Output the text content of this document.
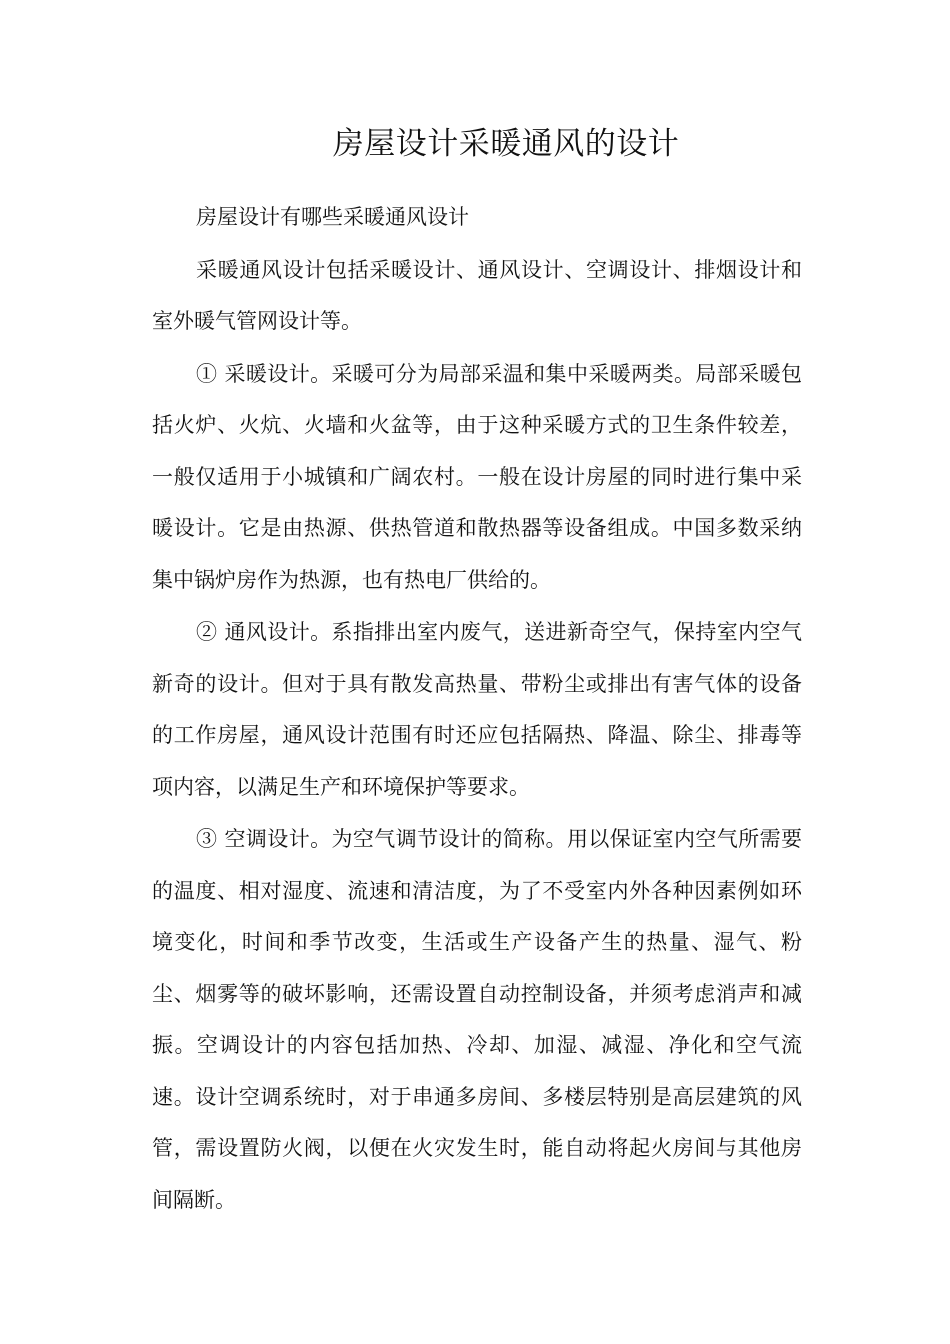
房屋设计采暖通风的设计

房屋设计有哪些采暖通风设计

采暖通风设计包括采暖设计、通风设计、空调设计、排烟设计和室外暖气管网设计等。

① 采暖设计。采暖可分为局部采温和集中采暖两类。局部采暖包括火炉、火炕、火墙和火盆等，由于这种采暖方式的卫生条件较差，一般仅适用于小城镇和广阔农村。一般在设计房屋的同时进行集中采暖设计。它是由热源、供热管道和散热器等设备组成。中国多数采纳集中锅炉房作为热源，也有热电厂供给的。

② 通风设计。系指排出室内废气，送进新奇空气，保持室内空气新奇的设计。但对于具有散发高热量、带粉尘或排出有害气体的设备的工作房屋，通风设计范围有时还应包括隔热、降温、除尘、排毒等项内容，以满足生产和环境保护等要求。

③ 空调设计。为空气调节设计的简称。用以保证室内空气所需要的温度、相对湿度、流速和清洁度，为了不受室内外各种因素例如环境变化，时间和季节改变，生活或生产设备产生的热量、湿气、粉尘、烟雾等的破坏影响，还需设置自动控制设备，并须考虑消声和减振。空调设计的内容包括加热、冷却、加湿、减湿、净化和空气流速。设计空调系统时，对于串通多房间、多楼层特别是高层建筑的风管，需设置防火阀，以便在火灾发生时，能自动将起火房间与其他房间隔断。
